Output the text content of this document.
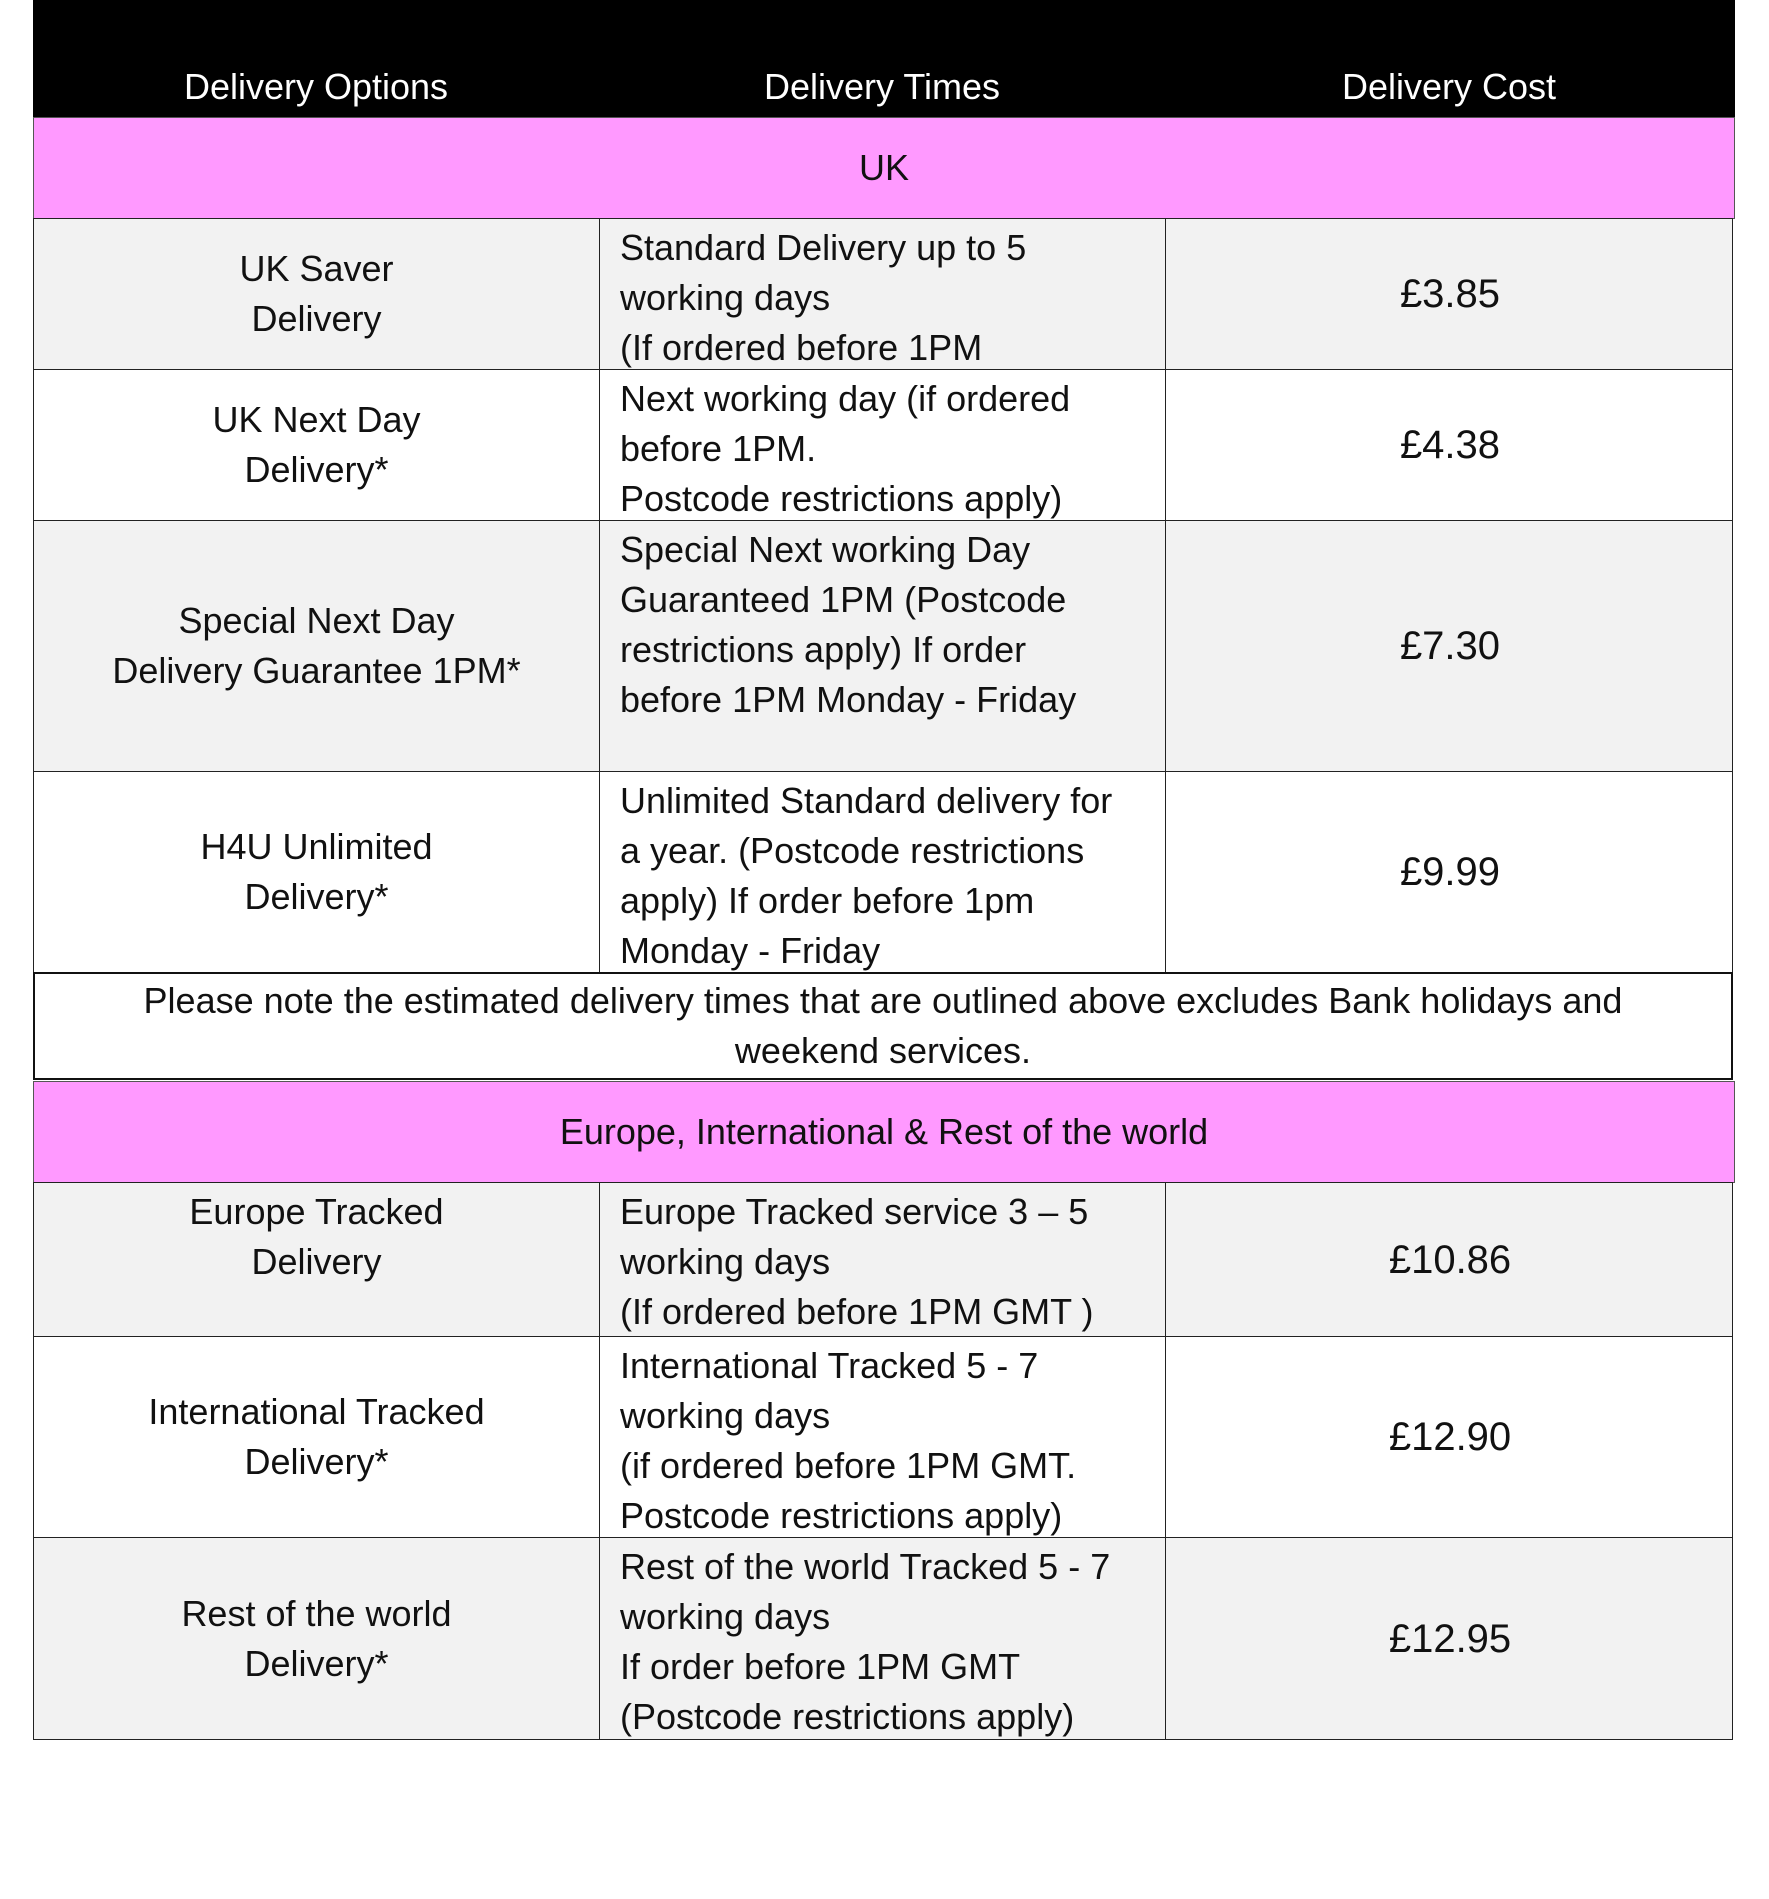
Delivery Options	Delivery Times	Delivery Cost
UK
UK Saver
Delivery
Standard Delivery up to 5
working days
(If ordered before 1PM
£3.85
UK Next Day
Delivery*
Next working day (if ordered
before 1PM.
Postcode restrictions apply)
£4.38
Special Next Day
Delivery Guarantee 1PM*
Special Next working Day
Guaranteed 1PM (Postcode
restrictions apply) If order
before 1PM Monday - Friday
£7.30
H4U Unlimited
Delivery*
Unlimited Standard delivery for
a year. (Postcode restrictions
apply) If order before 1pm
Monday - Friday
£9.99
Please note the estimated delivery times that are outlined above excludes Bank holidays and weekend services.
Europe, International & Rest of the world
Europe Tracked
Delivery
Europe Tracked service 3 – 5
working days
(If ordered before 1PM GMT )
£10.86
International Tracked
Delivery*
International Tracked 5 - 7
working days
(if ordered before 1PM GMT.
Postcode restrictions apply)
£12.90
Rest of the world
Delivery*
Rest of the world Tracked 5 - 7
working days
If order before 1PM GMT
(Postcode restrictions apply)
£12.95
